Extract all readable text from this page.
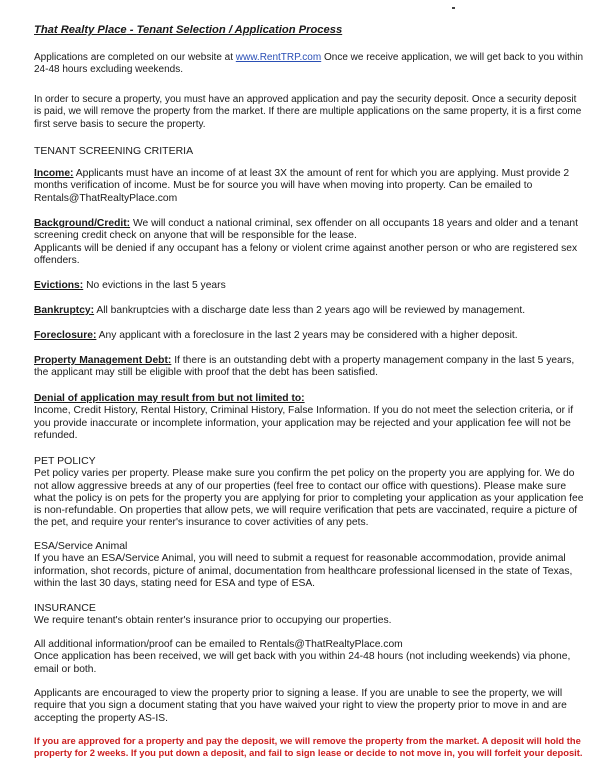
That Realty Place - Tenant Selection / Application Process
Applications are completed on our website at www.RentTRP.com Once we receive application, we will get back to you within 24-48 hours excluding weekends.
In order to secure a property, you must have an approved application and pay the security deposit. Once a security deposit is paid, we will remove the property from the market. If there are multiple applications on the same property, it is a first come first serve basis to secure the property.
TENANT SCREENING CRITERIA
Income: Applicants must have an income of at least 3X the amount of rent for which you are applying. Must provide 2 months verification of income. Must be for source you will have when moving into property. Can be emailed to Rentals@ThatRealtyPlace.com
Background/Credit: We will conduct a national criminal, sex offender on all occupants 18 years and older and a tenant screening credit check on anyone that will be responsible for the lease.
Applicants will be denied if any occupant has a felony or violent crime against another person or who are registered sex offenders.
Evictions: No evictions in the last 5 years
Bankruptcy: All bankruptcies with a discharge date less than 2 years ago will be reviewed by management.
Foreclosure: Any applicant with a foreclosure in the last 2 years may be considered with a higher deposit.
Property Management Debt: If there is an outstanding debt with a property management company in the last 5 years, the applicant may still be eligible with proof that the debt has been satisfied.
Denial of application may result from but not limited to:
Income, Credit History, Rental History, Criminal History, False Information. If you do not meet the selection criteria, or if you provide inaccurate or incomplete information, your application may be rejected and your application fee will not be refunded.
PET POLICY
Pet policy varies per property. Please make sure you confirm the pet policy on the property you are applying for. We do not allow aggressive breeds at any of our properties (feel free to contact our office with questions). Please make sure what the policy is on pets for the property you are applying for prior to completing your application as your application fee is non-refundable. On properties that allow pets, we will require verification that pets are vaccinated, require a picture of the pet, and require your renter's insurance to cover activities of any pets.
ESA/Service Animal
If you have an ESA/Service Animal, you will need to submit a request for reasonable accommodation, provide animal information, shot records, picture of animal, documentation from healthcare professional licensed in the state of Texas, within the last 30 days, stating need for ESA and type of ESA.
INSURANCE
We require tenant's obtain renter's insurance prior to occupying our properties.
All additional information/proof can be emailed to Rentals@ThatRealtyPlace.com
Once application has been received, we will get back with you within 24-48 hours (not including weekends) via phone, email or both.
Applicants are encouraged to view the property prior to signing a lease. If you are unable to see the property, we will require that you sign a document stating that you have waived your right to view the property prior to move in and are accepting the property AS-IS.
If you are approved for a property and pay the deposit, we will remove the property from the market. A deposit will hold the property for 2 weeks. If you put down a deposit, and fail to sign lease or decide to not move in, you will forfeit your deposit.
